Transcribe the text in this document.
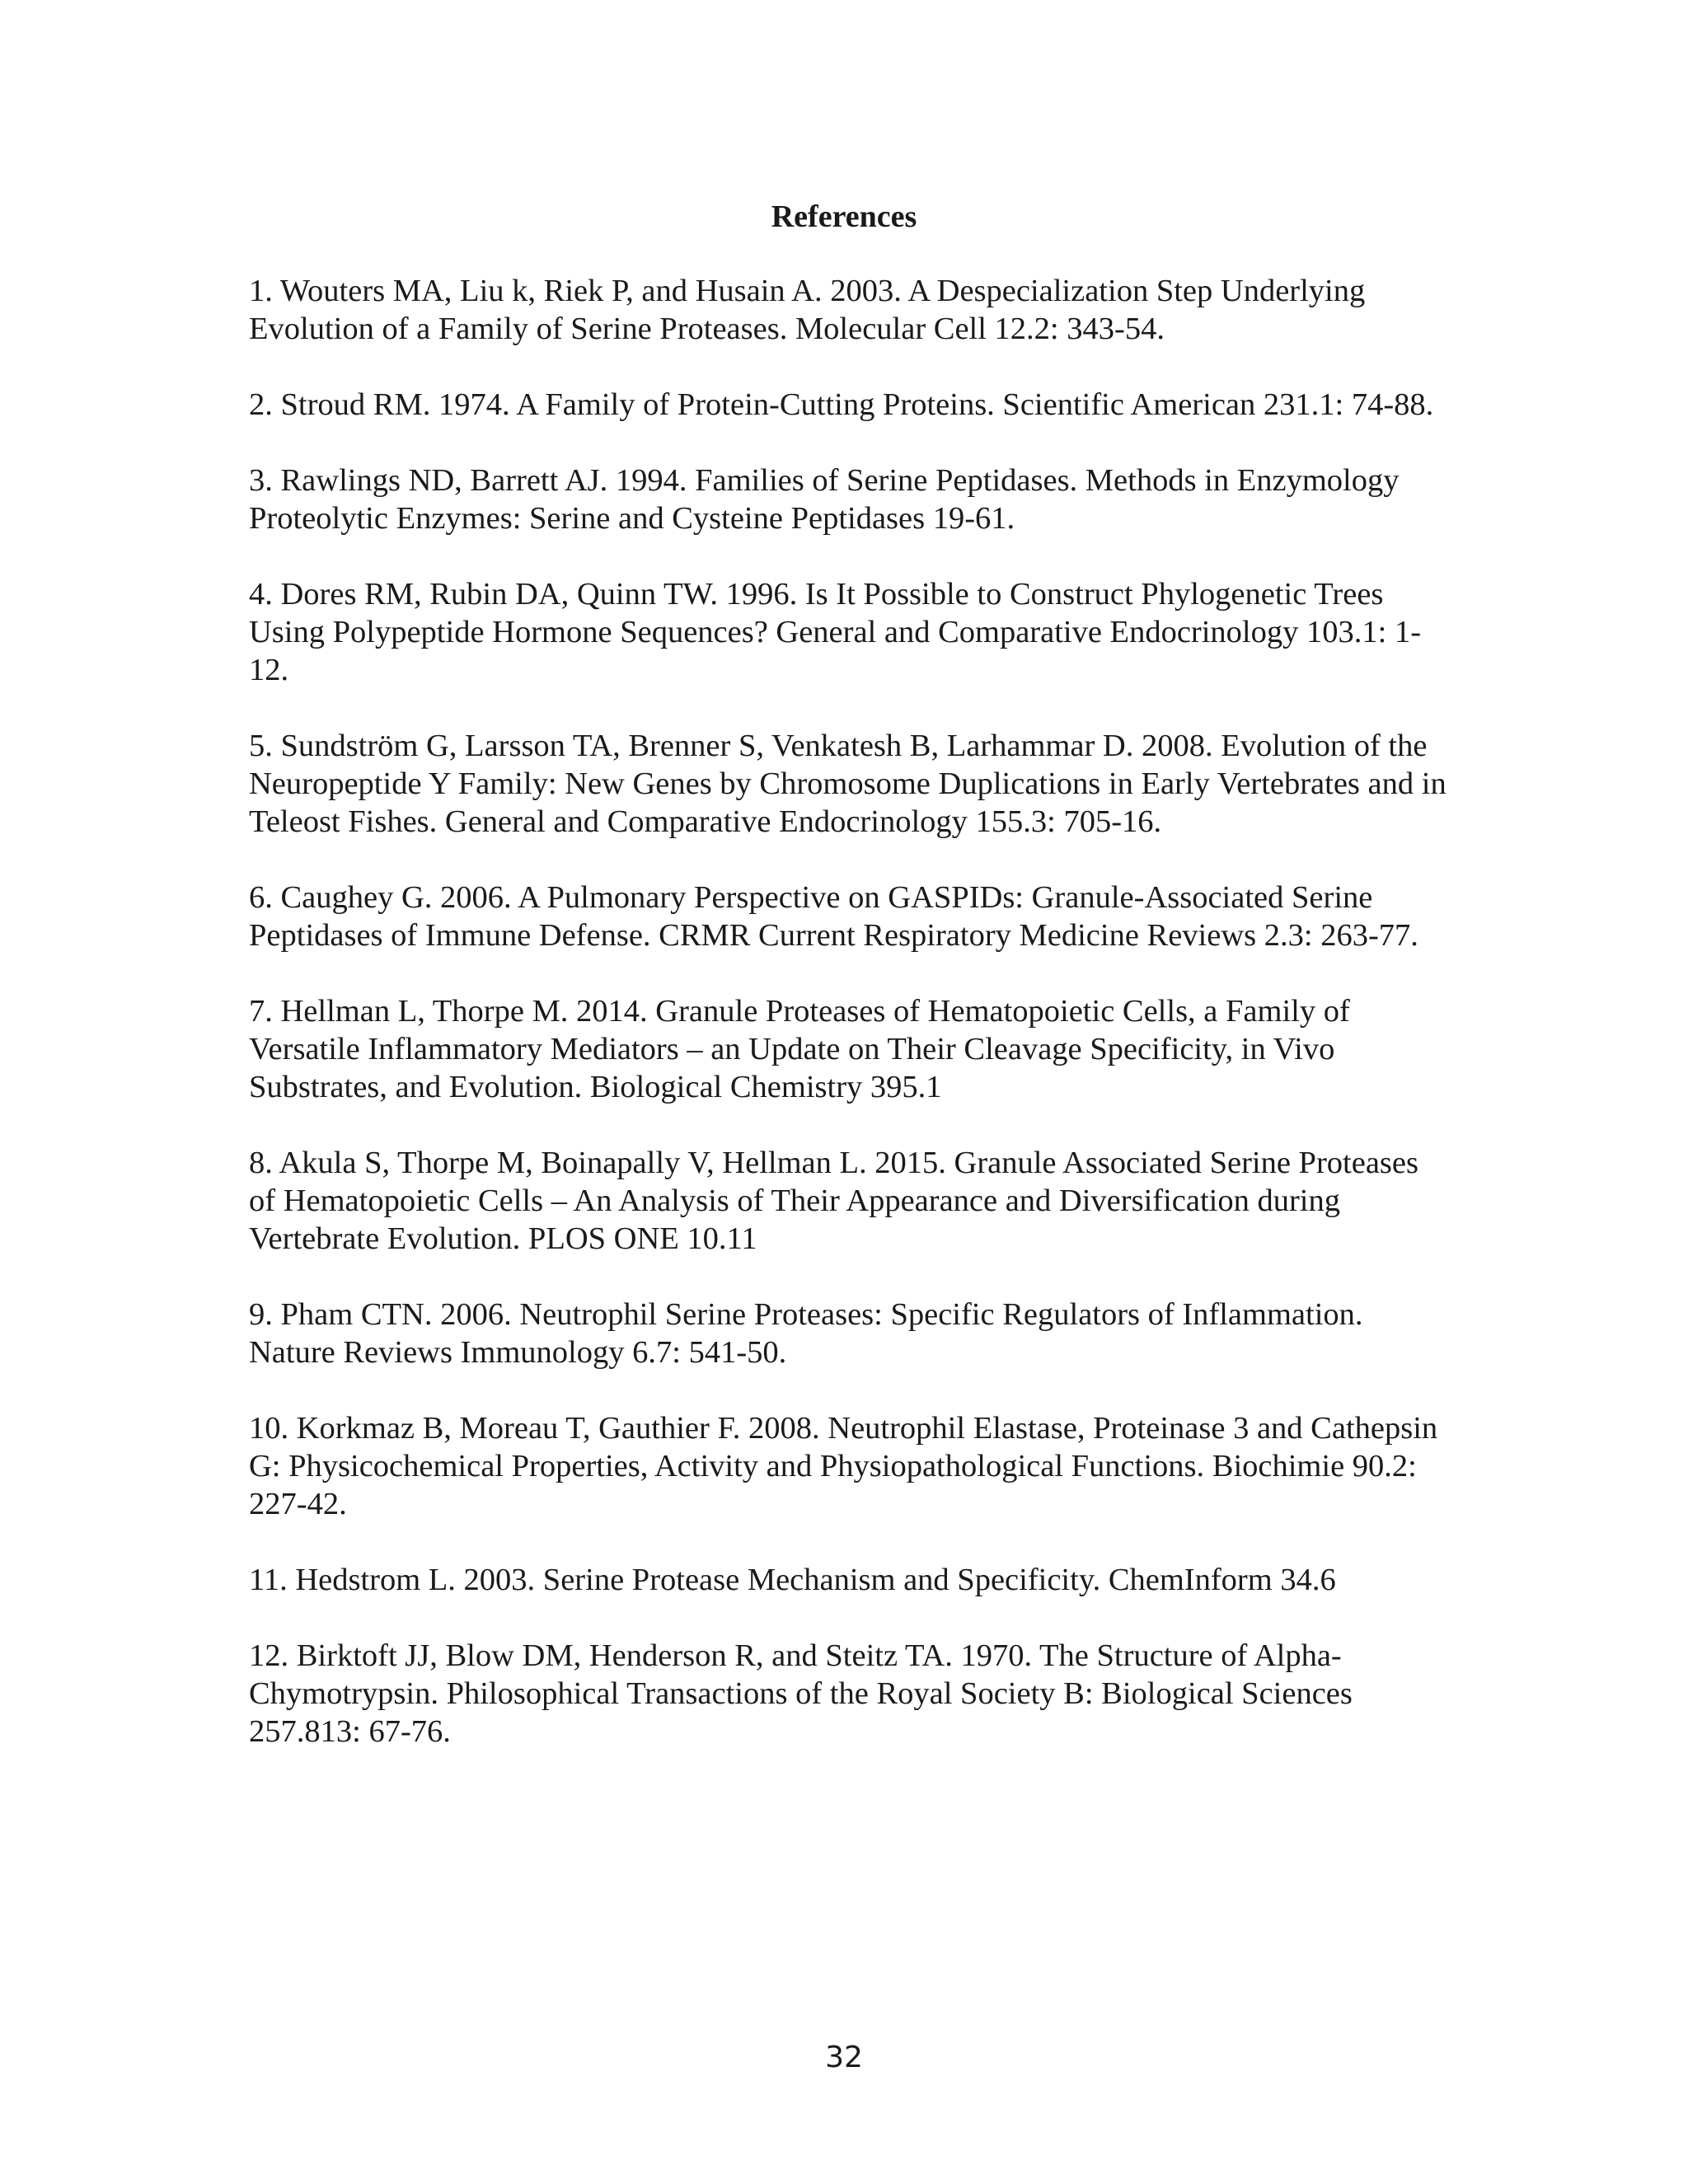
References
1. Wouters MA, Liu k, Riek P, and Husain A. 2003. A Despecialization Step Underlying Evolution of a Family of Serine Proteases. Molecular Cell 12.2: 343-54.
2. Stroud RM. 1974. A Family of Protein-Cutting Proteins. Scientific American 231.1: 74-88.
3. Rawlings ND, Barrett AJ. 1994. Families of Serine Peptidases. Methods in Enzymology Proteolytic Enzymes: Serine and Cysteine Peptidases 19-61.
4. Dores RM, Rubin DA, Quinn TW. 1996. Is It Possible to Construct Phylogenetic Trees Using Polypeptide Hormone Sequences? General and Comparative Endocrinology 103.1: 1-12.
5. Sundström G, Larsson TA, Brenner S, Venkatesh B, Larhammar D. 2008. Evolution of the Neuropeptide Y Family: New Genes by Chromosome Duplications in Early Vertebrates and in Teleost Fishes. General and Comparative Endocrinology 155.3: 705-16.
6. Caughey G. 2006. A Pulmonary Perspective on GASPIDs: Granule-Associated Serine Peptidases of Immune Defense. CRMR Current Respiratory Medicine Reviews 2.3: 263-77.
7. Hellman L, Thorpe M. 2014. Granule Proteases of Hematopoietic Cells, a Family of Versatile Inflammatory Mediators – an Update on Their Cleavage Specificity, in Vivo Substrates, and Evolution. Biological Chemistry 395.1
8. Akula S, Thorpe M, Boinapally V, Hellman L. 2015. Granule Associated Serine Proteases of Hematopoietic Cells – An Analysis of Their Appearance and Diversification during Vertebrate Evolution. PLOS ONE 10.11
9. Pham CTN. 2006. Neutrophil Serine Proteases: Specific Regulators of Inflammation. Nature Reviews Immunology 6.7: 541-50.
10. Korkmaz B, Moreau T, Gauthier F. 2008. Neutrophil Elastase, Proteinase 3 and Cathepsin G: Physicochemical Properties, Activity and Physiopathological Functions. Biochimie 90.2: 227-42.
11. Hedstrom L. 2003. Serine Protease Mechanism and Specificity. ChemInform 34.6
12. Birktoft JJ, Blow DM, Henderson R, and Steitz TA. 1970. The Structure of Alpha-Chymotrypsin. Philosophical Transactions of the Royal Society B: Biological Sciences 257.813: 67-76.
32
